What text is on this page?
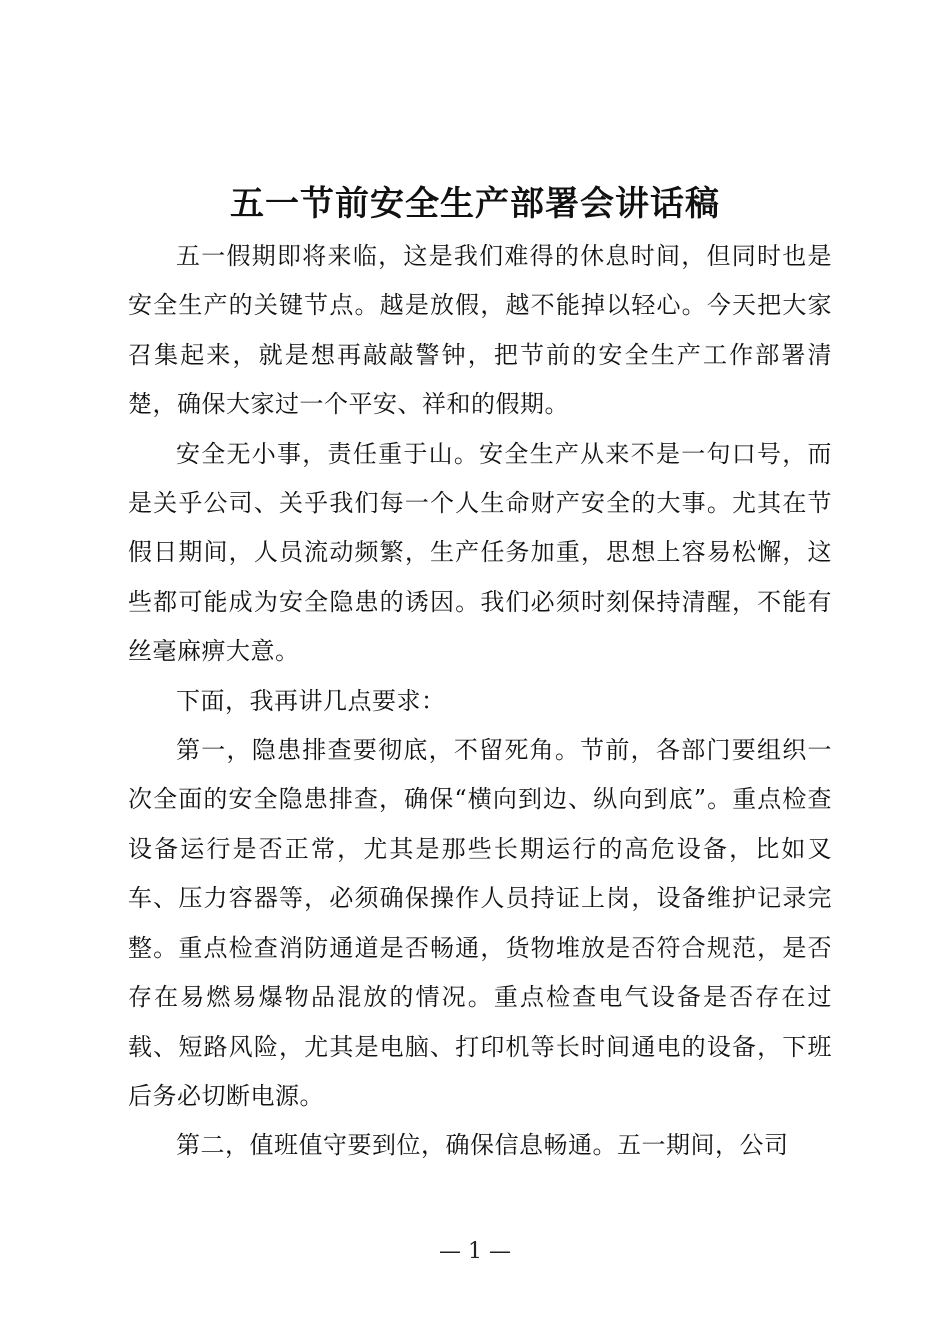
五一节前安全生产部署会讲话稿

五一假期即将来临，这是我们难得的休息时间，但同时也是安全生产的关键节点。越是放假，越不能掉以轻心。今天把大家召集起来，就是想再敲敲警钟，把节前的安全生产工作部署清楚，确保大家过一个平安、祥和的假期。

安全无小事，责任重于山。安全生产从来不是一句口号，而是关乎公司、关乎我们每一个人生命财产安全的大事。尤其在节假日期间，人员流动频繁，生产任务加重，思想上容易松懈，这些都可能成为安全隐患的诱因。我们必须时刻保持清醒，不能有丝毫麻痹大意。

下面，我再讲几点要求：

第一，隐患排查要彻底，不留死角。节前，各部门要组织一次全面的安全隐患排查，确保“横向到边、纵向到底”。重点检查设备运行是否正常，尤其是那些长期运行的高危设备，比如叉车、压力容器等，必须确保操作人员持证上岗，设备维护记录完整。重点检查消防通道是否畅通，货物堆放是否符合规范，是否存在易燃易爆物品混放的情况。重点检查电气设备是否存在过载、短路风险，尤其是电脑、打印机等长时间通电的设备，下班后务必切断电源。

第二，值班值守要到位，确保信息畅通。五一期间，公司

— 1 —
